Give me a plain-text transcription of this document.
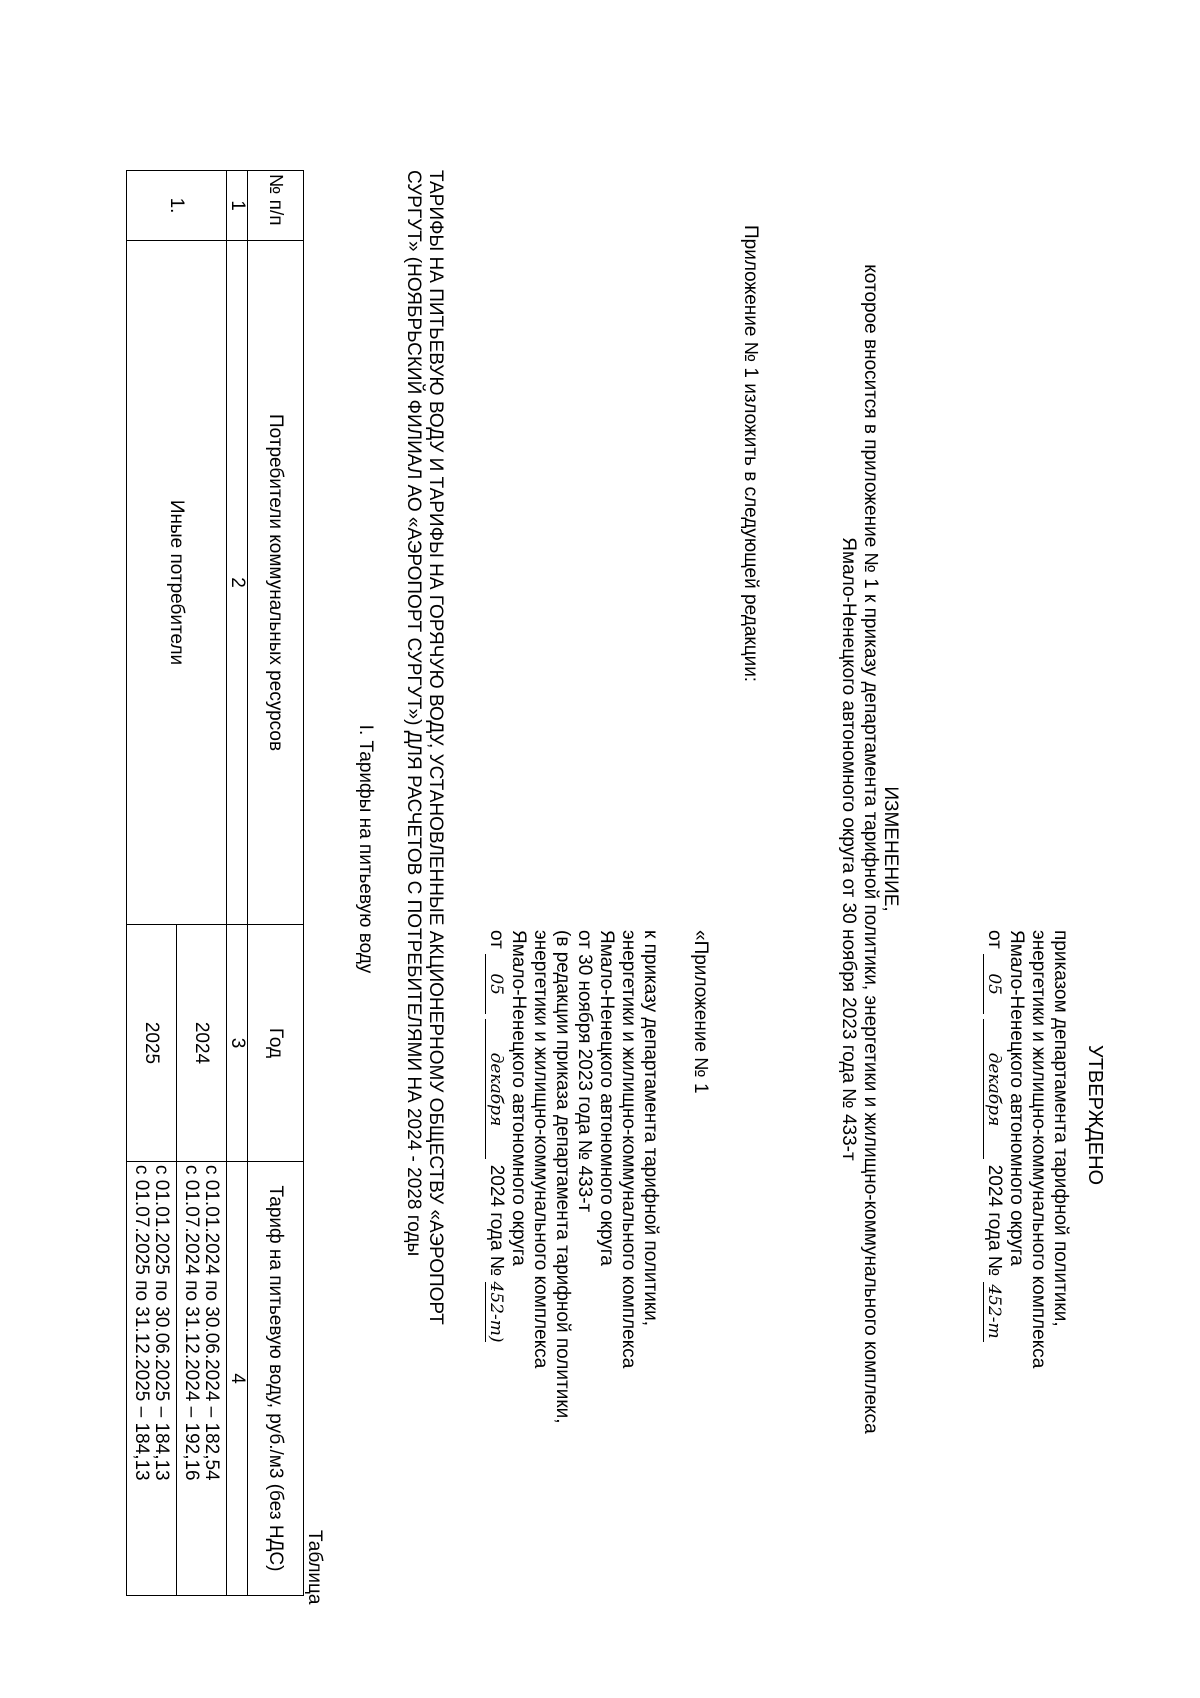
УТВЕРЖДЕНО
приказом департамента тарифной политики,
энергетики и жилищно-коммунального комплекса
Ямало-Ненецкого автономного округа
от 05 декабря 2024 года № 452-т
ИЗМЕНЕНИЕ,
которое вносится в приложение № 1 к приказу департамента тарифной политики, энергетики и жилищно-коммунального комплекса
Ямало-Ненецкого автономного округа от 30 ноября 2023 года № 433-т
Приложение № 1 изложить в следующей редакции:
«Приложение № 1
к приказу департамента тарифной политики,
энергетики и жилищно-коммунального комплекса
Ямало-Ненецкого автономного округа
от 30 ноября 2023 года № 433-т
(в редакции приказа департамента тарифной политики,
энергетики и жилищно-коммунального комплекса
Ямало-Ненецкого автономного округа
от 05 декабря 2024 года № 452-т)
ТАРИФЫ НА ПИТЬЕВУЮ ВОДУ И ТАРИФЫ НА ГОРЯЧУЮ ВОДУ, УСТАНОВЛЕННЫЕ АКЦИОНЕРНОМУ ОБЩЕСТВУ «АЭРОПОРТ
СУРГУТ» (НОЯБРЬСКИЙ ФИЛИАЛ АО «АЭРОПОРТ СУРГУТ») ДЛЯ РАСЧЕТОВ С ПОТРЕБИТЕЛЯМИ НА 2024 - 2028 годы
I. Тарифы на питьевую воду
Таблица
№ п/п	Потребители коммунальных ресурсов	Год	Тариф на питьевую воду, руб./м3 (без НДС)
1	2	3	4
1.	Иные потребители	2024	с 01.01.2024 по 30.06.2024 – 182,54
с 01.07.2024 по 31.12.2024 – 192,16

		2025	с 01.01.2025 по 30.06.2025 – 184,13
с 01.07.2025 по 31.12.2025 – 184,13
